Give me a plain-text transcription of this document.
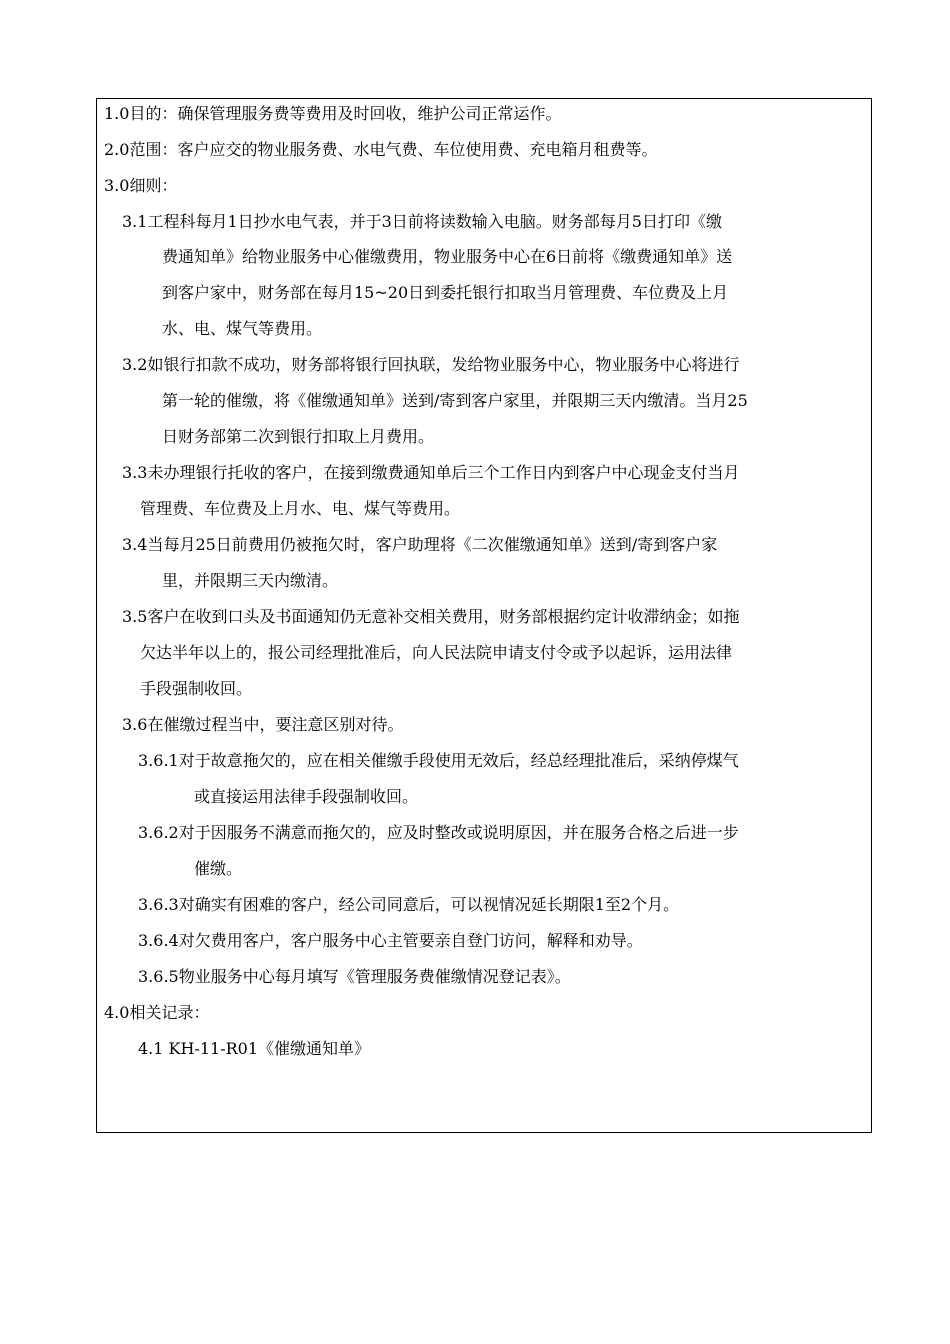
1.0目的：确保管理服务费等费用及时回收，维护公司正常运作。
2.0范围：客户应交的物业服务费、水电气费、车位使用费、充电箱月租费等。
3.0细则：
3.1工程科每月1日抄水电气表，并于3日前将读数输入电脑。财务部每月5日打印《缴
费通知单》给物业服务中心催缴费用，物业服务中心在6日前将《缴费通知单》送
到客户家中，财务部在每月15~20日到委托银行扣取当月管理费、车位费及上月
水、电、煤气等费用。
3.2如银行扣款不成功，财务部将银行回执联，发给物业服务中心，物业服务中心将进行
第一轮的催缴，将《催缴通知单》送到/寄到客户家里，并限期三天内缴清。当月25
日财务部第二次到银行扣取上月费用。
3.3未办理银行托收的客户，在接到缴费通知单后三个工作日内到客户中心现金支付当月
管理费、车位费及上月水、电、煤气等费用。
3.4当每月25日前费用仍被拖欠时，客户助理将《二次催缴通知单》送到/寄到客户家
里，并限期三天内缴清。
3.5客户在收到口头及书面通知仍无意补交相关费用，财务部根据约定计收滞纳金；如拖
欠达半年以上的，报公司经理批准后，向人民法院申请支付令或予以起诉，运用法律
手段强制收回。
3.6在催缴过程当中，要注意区别对待。
3.6.1对于故意拖欠的，应在相关催缴手段使用无效后，经总经理批准后，采纳停煤气
或直接运用法律手段强制收回。
3.6.2对于因服务不满意而拖欠的，应及时整改或说明原因，并在服务合格之后进一步
催缴。
3.6.3对确实有困难的客户，经公司同意后，可以视情况延长期限1至2个月。
3.6.4对欠费用客户，客户服务中心主管要亲自登门访问，解释和劝导。
3.6.5物业服务中心每月填写《管理服务费催缴情况登记表》。
4.0相关记录：
4.1 KH-11-R01《催缴通知单》
